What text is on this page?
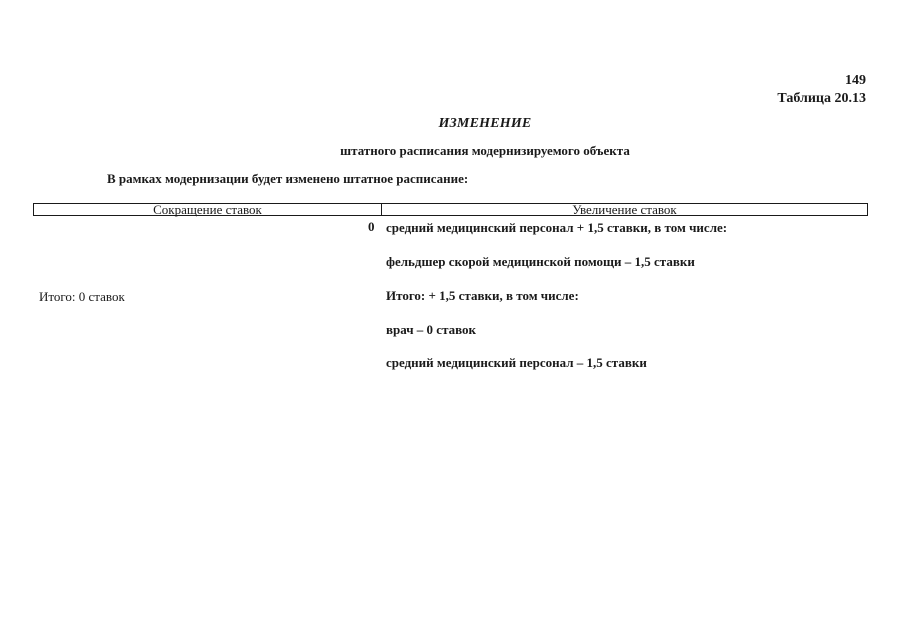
149
Таблица 20.13
ИЗМЕНЕНИЕ
штатного расписания модернизируемого объекта
В рамках модернизации будет изменено штатное расписание:
Сокращение ставок	Увеличение ставок
0
Итого: 0 ставок
средний медицинский персонал + 1,5 ставки, в том числе:
фельдшер скорой медицинской помощи – 1,5 ставки
Итого: + 1,5 ставки, в том числе:
врач – 0 ставок
средний медицинский персонал – 1,5 ставки
